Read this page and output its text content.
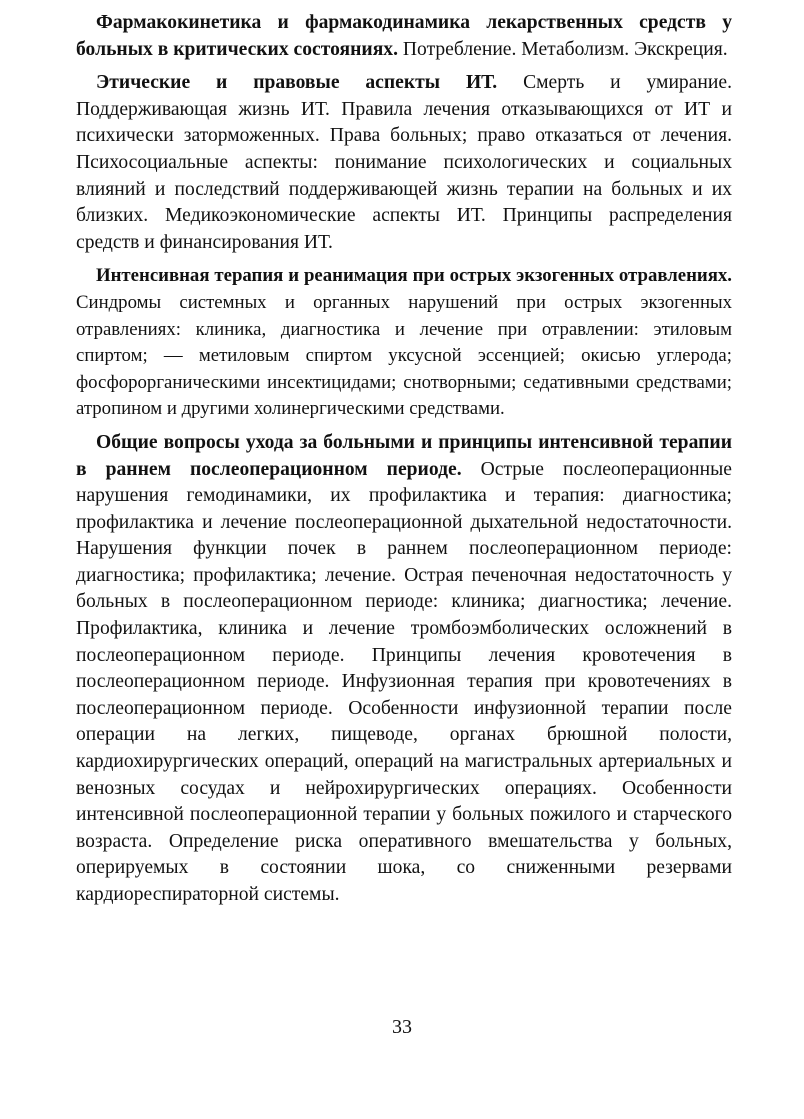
Фармакокинетика и фармакодинамика лекарственных средств у больных в критических состояниях. Потребление. Метаболизм. Экскреция.

Этические и правовые аспекты ИТ. Смерть и умирание. Поддерживающая жизнь ИТ. Правила лечения отказывающихся от ИТ и психически заторможенных. Права больных; право отказаться от лечения. Психосоциальные аспекты: понимание психологических и социальных влияний и последствий поддерживающей жизнь терапии на больных и их близких. Медикоэкономические аспекты ИТ. Принципы распределения средств и финансирования ИТ.

Интенсивная терапия и реанимация при острых экзогенных отравлениях. Синдромы системных и органных нарушений при острых экзогенных отравлениях: клиника, диагностика и лечение при отравлении: этиловым спиртом; — метиловым спиртом уксусной эссенцией; окисью углерода; фосфорорганическими инсектицидами; снотворными; седативными средствами; атропином и другими холинергическими средствами.

Общие вопросы ухода за больными и принципы интенсивной терапии в раннем послеоперационном периоде. Острые послеоперационные нарушения гемодинамики, их профилактика и терапия: диагностика; профилактика и лечение послеоперационной дыхательной недостаточности. Нарушения функции почек в раннем послеоперационном периоде: диагностика; профилактика; лечение. Острая печеночная недостаточность у больных в послеоперационном периоде: клиника; диагностика; лечение. Профилактика, клиника и лечение тромбоэмболических осложнений в послеоперационном периоде. Принципы лечения кровотечения в послеоперационном периоде. Инфузионная терапия при кровотечениях в послеоперационном периоде. Особенности инфузионной терапии после операции на легких, пищеводе, органах брюшной полости, кардиохирургических операций, операций на магистральных артериальных и венозных сосудах и нейрохирургических операциях. Особенности интенсивной послеоперационной терапии у больных пожилого и старческого возраста. Определение риска оперативного вмешательства у больных, оперируемых в состоянии шока, со сниженными резервами кардиореспираторной системы.

33
